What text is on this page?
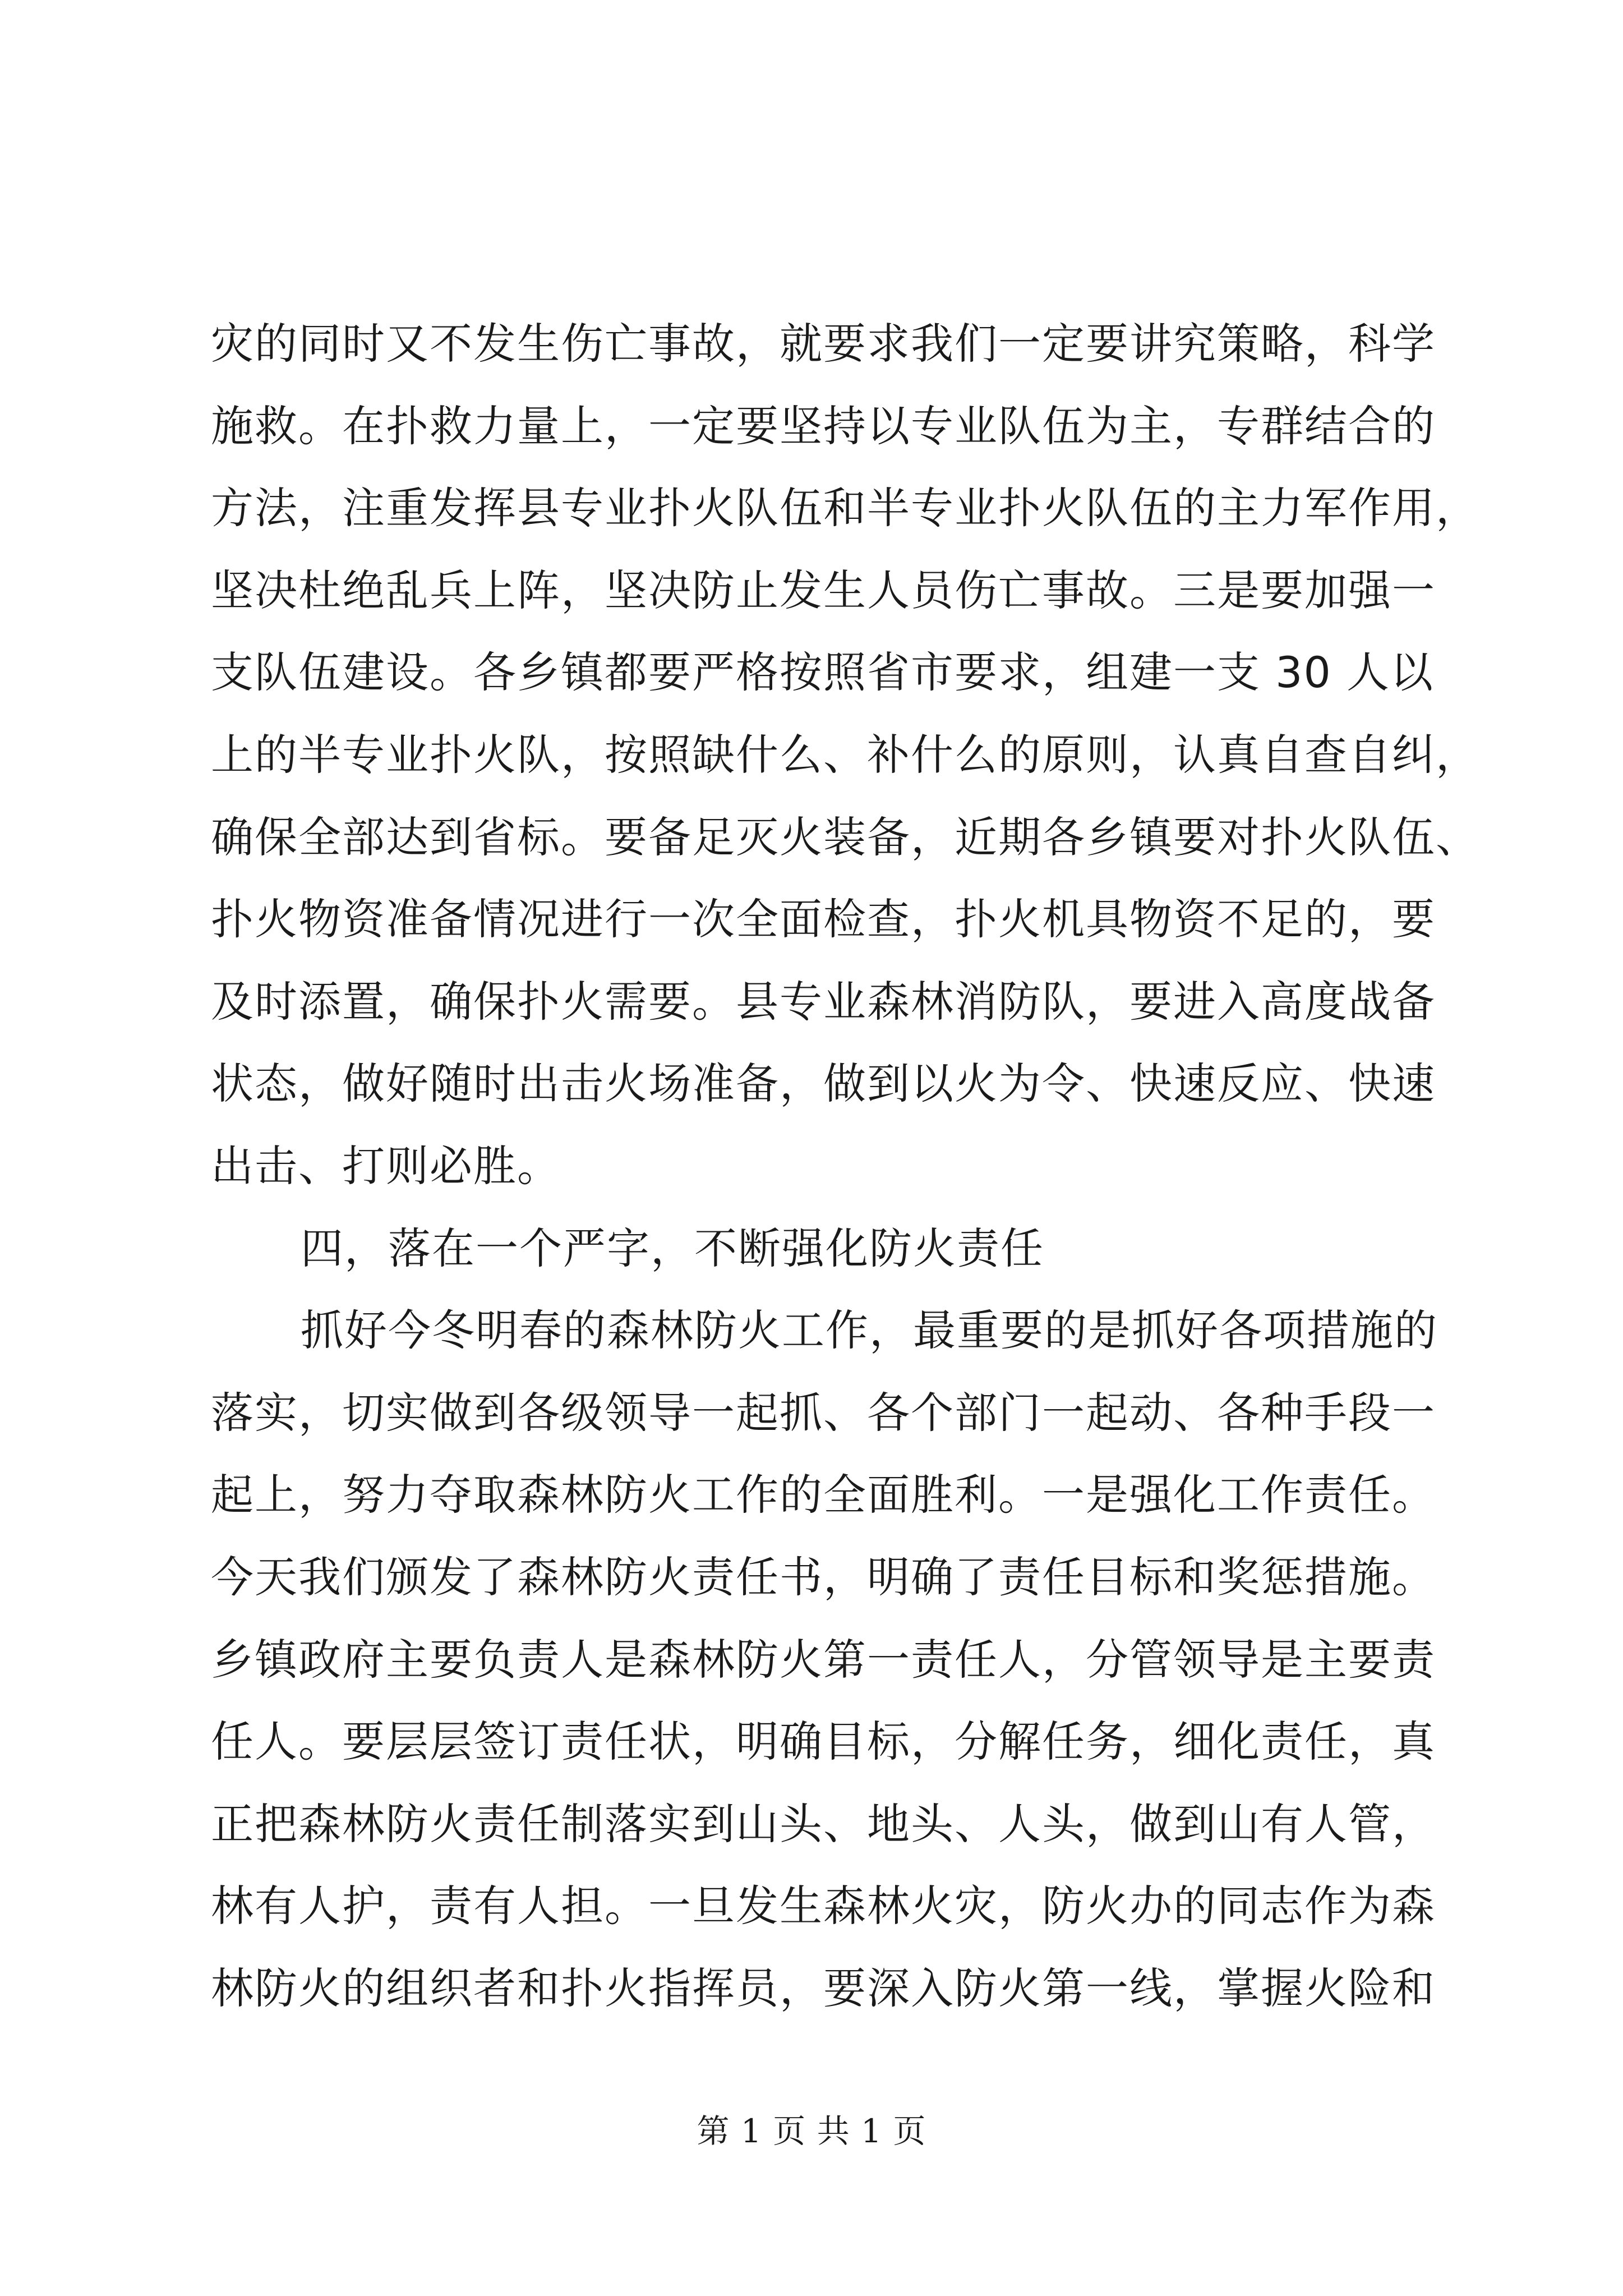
灾的同时又不发生伤亡事故，就要求我们一定要讲究策略，科学
施救。在扑救力量上，一定要坚持以专业队伍为主，专群结合的
方法，注重发挥县专业扑火队伍和半专业扑火队伍的主力军作用，
坚决杜绝乱兵上阵，坚决防止发生人员伤亡事故。三是要加强一
支队伍建设。各乡镇都要严格按照省市要求，组建一支 30 人以
上的半专业扑火队，按照缺什么、补什么的原则，认真自查自纠，
确保全部达到省标。要备足灭火装备，近期各乡镇要对扑火队伍、
扑火物资准备情况进行一次全面检查，扑火机具物资不足的，要
及时添置，确保扑火需要。县专业森林消防队，要进入高度战备
状态，做好随时出击火场准备，做到以火为令、快速反应、快速
出击、打则必胜。
四，落在一个严字，不断强化防火责任
抓好今冬明春的森林防火工作，最重要的是抓好各项措施的
落实，切实做到各级领导一起抓、各个部门一起动、各种手段一
起上，努力夺取森林防火工作的全面胜利。一是强化工作责任。
今天我们颁发了森林防火责任书，明确了责任目标和奖惩措施。
乡镇政府主要负责人是森林防火第一责任人，分管领导是主要责
任人。要层层签订责任状，明确目标，分解任务，细化责任，真
正把森林防火责任制落实到山头、地头、人头，做到山有人管，
林有人护，责有人担。一旦发生森林火灾，防火办的同志作为森
林防火的组织者和扑火指挥员，要深入防火第一线，掌握火险和
第 1 页 共 1 页
